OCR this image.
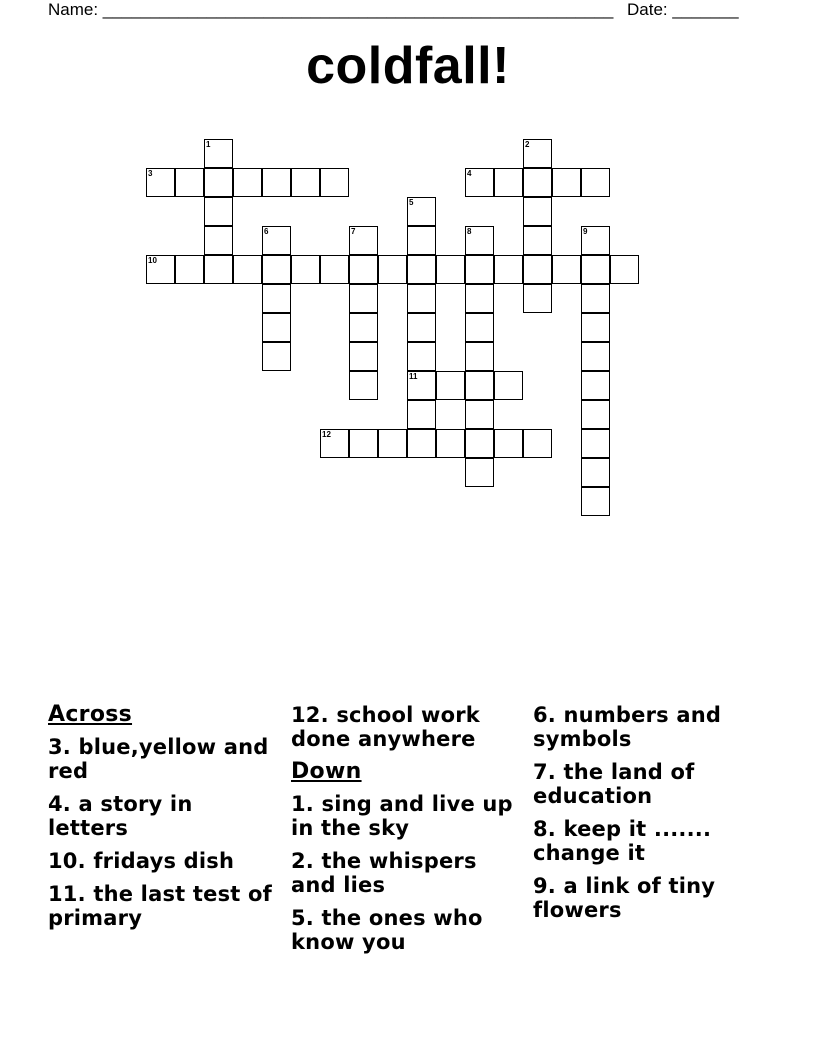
Name: ______________________________________________________ Date: _______
coldfall!
1	2
3	4
5
11
6	7	8	9
10
12
Across
3. blue,yellow and red
4. a story in letters
10. fridays dish
11. the last test of primary
12. school work done anywhere
Down
1. sing and live up in the sky
2. the whispers and lies
5. the ones who know you
6. numbers and symbols
7. the land of education
8. keep it ....... change it
9. a link of tiny flowers
